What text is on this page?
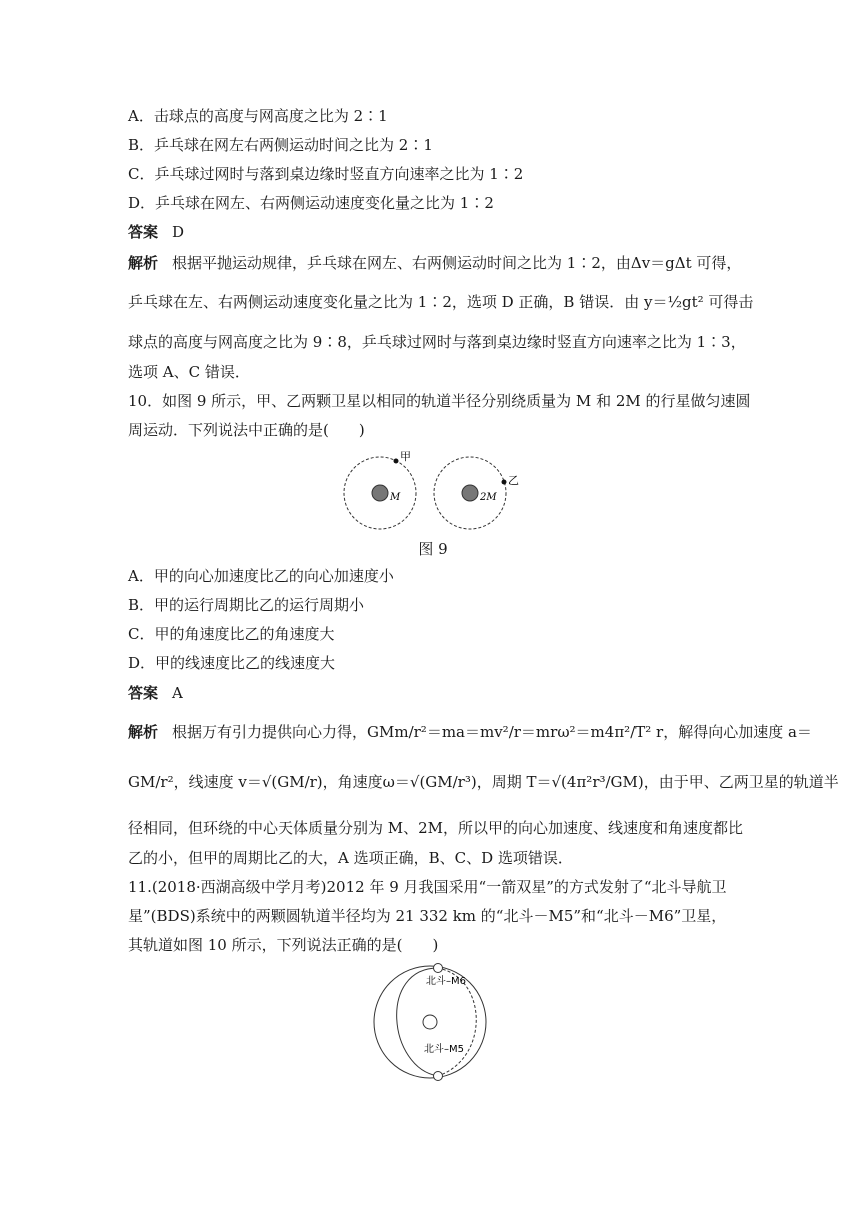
A．击球点的高度与网高度之比为 2∶1
B．乒乓球在网左右两侧运动时间之比为 2∶1
C．乒乓球过网时与落到桌边缘时竖直方向速率之比为 1∶2
D．乒乓球在网左、右两侧运动速度变化量之比为 1∶2
答案 D
解析 根据平抛运动规律，乒乓球在网左、右两侧运动时间之比为 1∶2，由Δv＝gΔt 可得，
乒乓球在左、右两侧运动速度变化量之比为 1∶2，选项 D 正确，B 错误．由 y＝½gt² 可得击
球点的高度与网高度之比为 9∶8，乒乓球过网时与落到桌边缘时竖直方向速率之比为 1∶3，
选项 A、C 错误．
10．如图 9 所示，甲、乙两颗卫星以相同的轨道半径分别绕质量为 M 和 2M 的行星做匀速圆
周运动．下列说法中正确的是(　　)
甲
M
乙
2M
图 9
A．甲的向心加速度比乙的向心加速度小
B．甲的运行周期比乙的运行周期小
C．甲的角速度比乙的角速度大
D．甲的线速度比乙的线速度大
答案 A
解析 根据万有引力提供向心力得，GMm/r²＝ma＝mv²/r＝mrω²＝m4π²/T² r，解得向心加速度 a＝
GM/r²，线速度 v＝√(GM/r)，角速度ω＝√(GM/r³)，周期 T＝√(4π²r³/GM)，由于甲、乙两卫星的轨道半
径相同，但环绕的中心天体质量分别为 M、2M，所以甲的向心加速度、线速度和角速度都比
乙的小，但甲的周期比乙的大，A 选项正确，B、C、D 选项错误．
11.(2018·西湖高级中学月考)2012 年 9 月我国采用“一箭双星”的方式发射了“北斗导航卫
星”(BDS)系统中的两颗圆轨道半径均为 21 332 km 的“北斗－M5”和“北斗－M6”卫星，
其轨道如图 10 所示，下列说法正确的是(　　)
北斗–M6
北斗–M5
